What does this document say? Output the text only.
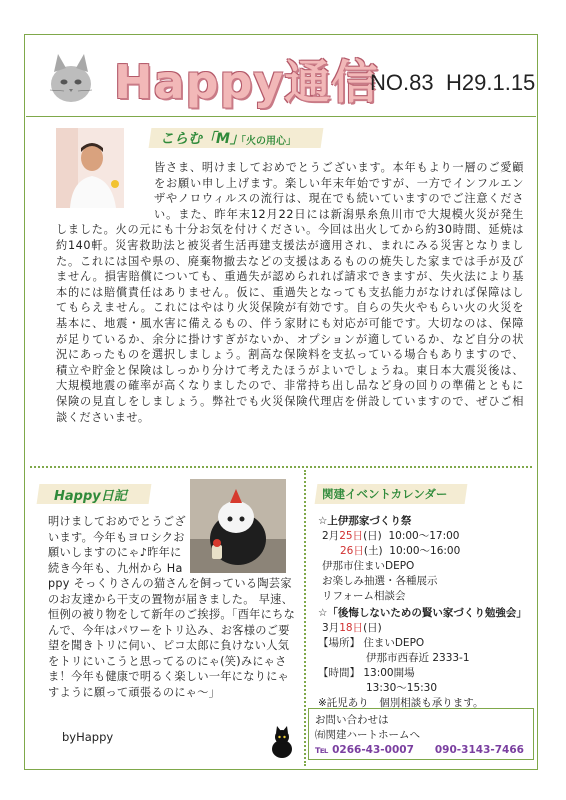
Happy通信
NO.83 H29.1.15
こらむ「M」
「火の用心」
皆さま、明けましておめでとうございます。本年もより一層のご愛顧をお願い申し上げます。楽しい年末年始ですが、一方でインフルエンザやノロウィルスの流行は、現在でも続いていますのでご注意ください。また、昨年末12月22日には新潟県糸魚川市で大規模火災が発生しました。火の元にも十分お気を付けください。今回は出火してから約30時間、延焼は約140軒。災害救助法と被災者生活再建支援法が適用され、まれにみる災害となりました。これには国や県の、廃棄物撤去などの支援はあるものの焼失した家までは手が及びません。損害賠償についても、重過失が認められれば請求できますが、失火法により基本的には賠償責任はありません。仮に、重過失となっても支払能力がなければ保障はしてもらえません。これにはやはり火災保険が有効です。自らの失火やもらい火の火災を基本に、地震・風水害に備えるもの、伴う家財にも対応が可能です。大切なのは、保障が足りているか、余分に掛けすぎがないか、オプションが適しているか、など自分の状況にあったものを選択しましょう。割高な保険料を支払っている場合もありますので、積立や貯金と保険はしっかり分けて考えたほうがよいでしょうね。東日本大震災後は、大規模地震の確率が高くなりましたので、非常持ち出し品など身の回りの準備とともに保険の見直しをしましょう。弊社でも火災保険代理店を併設していますので、ぜひご相談くださいませ。
Happy日記
明けましておめでとうございます。今年もヨロシクお願いしますのにゃ♪昨年に続き今年も、九州から Happy そっくりさんの猫さんを飼っている陶芸家のお友達から干支の置物が届きました。 早速、恒例の被り物をして新年のご挨拶。「酉年にちなんで、今年はパワーをトリ込み、お客様のご要望を聞きトリに伺い、ピコ太郎に負けない人気をトリにいこうと思ってるのにゃ(笑)みにゃさま！今年も健康で明るく楽しい一年になりにゃすように願って頑張るのにゃ～」
byHappy
関建イベントカレンダー
☆上伊那家づくり祭
2月25日(日) 10:00～17:00
26日(土) 10:00～16:00
伊那市住まいDEPO
お楽しみ抽選・各種展示
リフォーム相談会
☆「後悔しないための賢い家づくり勉強会」
3月18日(日)
【場所】 住まいDEPO
伊那市西春近 2333-1
【時間】 13:00開場
13:30～15:30
※託児あり　個別相談も承ります。
お問い合わせは
㈲関建ハートホームへ
℡ 0266-43-0007　　090-3143-7466
